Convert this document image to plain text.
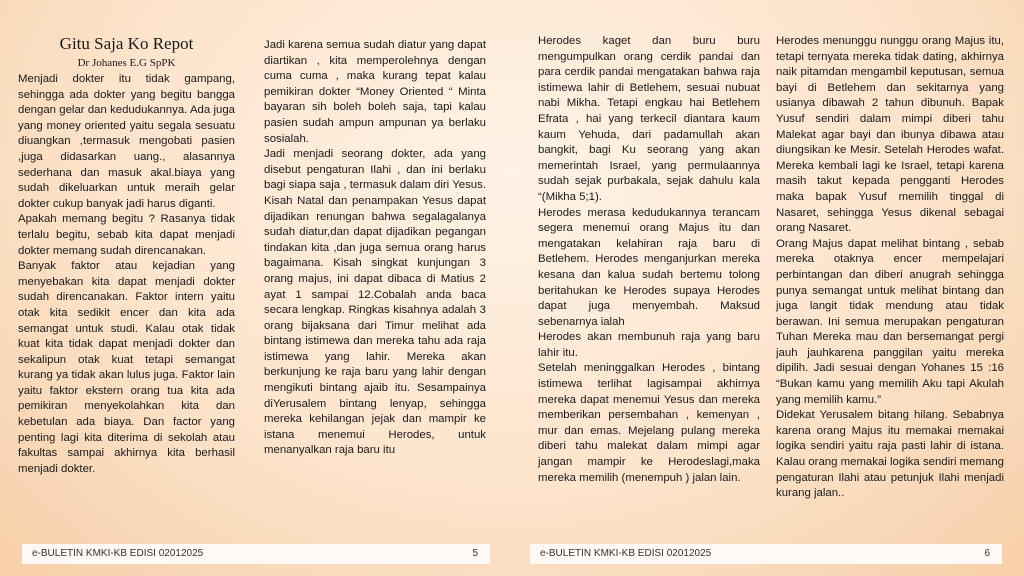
Gitu Saja Ko Repot
Dr Johanes E.G SpPK

Menjadi dokter itu tidak gampang, sehingga ada dokter yang begitu bangga dengan gelar dan kedudukannya. Ada juga yang money oriented yaitu segala sesuatu diuangkan ,termasuk mengobati pasien ,juga didasarkan uang., alasannya sederhana dan masuk akal.biaya yang sudah dikeluarkan untuk meraih gelar dokter cukup banyak jadi harus diganti.

Apakah memang begitu ? Rasanya tidak terlalu begitu, sebab kita dapat menjadi dokter memang sudah direncanakan.

Banyak faktor atau kejadian yang menyebakan kita dapat menjadi dokter sudah direncanakan. Faktor intern yaitu otak kita sedikit encer dan kita ada semangat untuk studi. Kalau otak tidak kuat kita tidak dapat menjadi dokter dan sekalipun otak kuat tetapi semangat kurang ya tidak akan lulus juga. Faktor lain yaitu faktor ekstern orang tua kita ada pemikiran menyekolahkan kita dan kebetulan ada biaya. Dan factor yang penting lagi kita diterima di sekolah atau fakultas sampai akhirnya kita berhasil menjadi dokter.

Jadi karena semua sudah diatur yang dapat diartikan , kita memperolehnya dengan cuma cuma , maka kurang tepat kalau pemikiran dokter “Money Oriented “ Minta bayaran sih boleh boleh saja, tapi kalau pasien sudah ampun ampunan ya berlaku sosialah.

Jadi menjadi seorang dokter, ada yang disebut pengaturan Ilahi , dan ini berlaku bagi siapa saja , termasuk dalam diri Yesus. Kisah Natal dan penampakan Yesus dapat dijadikan renungan bahwa segalagalanya sudah diatur,dan dapat dijadikan pegangan tindakan kita ,dan juga semua orang harus bagaimana. Kisah singkat kunjungan 3 orang majus, ini dapat dibaca di Matius 2 ayat 1 sampai 12.Cobalah anda baca secara lengkap. Ringkas kisahnya adalah 3 orang bijaksana dari Timur melihat ada bintang istimewa dan mereka tahu ada raja istimewa yang lahir. Mereka akan berkunjung ke raja baru yang lahir dengan mengikuti bintang ajaib itu. Sesampainya diYerusalem bintang lenyap, sehingga mereka kehilangan jejak dan mampir ke istana menemui Herodes, untuk menanyalkan raja baru itu

e-BULETIN KMKI-KB EDISI 02012025	5

Herodes kaget dan buru buru mengumpulkan orang cerdik pandai dan para cerdik pandai mengatakan bahwa raja istimewa lahir di Betlehem, sesuai nubuat nabi Mikha. Tetapi engkau hai Betlehem Efrata , hai yang terkecil diantara kaum kaum Yehuda, dari padamullah akan bangkit, bagi Ku seorang yang akan memerintah Israel, yang permulaannya sudah sejak purbakala, sejak dahulu kala “(Mikha 5;1).

Herodes merasa kedudukannya terancam segera menemui orang Majus itu dan mengatakan kelahiran raja baru di Betlehem. Herodes menganjurkan mereka kesana dan kalua sudah bertemu tolong beritahukan ke Herodes supaya Herodes dapat juga menyembah. Maksud sebenarnya ialah

Herodes akan membunuh raja yang baru lahir itu.

Setelah meninggalkan Herodes , bintang istimewa terlihat lagisampai akhirnya mereka dapat menemui Yesus dan mereka memberikan persembahan , kemenyan , mur dan emas. Mejelang pulang mereka diberi tahu malekat dalam mimpi agar jangan mampir ke Herodeslagi,maka mereka memilih (menempuh ) jalan lain.

Herodes menunggu nunggu orang Majus itu, tetapi ternyata mereka tidak dating, akhirnya naik pitamdan mengambil keputusan, semua bayi di Betlehem dan sekitarnya yang usianya dibawah 2 tahun dibunuh. Bapak Yusuf sendiri dalam mimpi diberi tahu Malekat agar bayi dan ibunya dibawa atau diungsikan ke Mesir. Setelah Herodes wafat. Mereka kembali lagi ke Israel, tetapi karena masih takut kepada pengganti Herodes maka bapak Yusuf memilih tinggal di Nasaret, sehingga Yesus dikenal sebagai orang Nasaret.

Orang Majus dapat melihat bintang , sebab mereka otaknya encer mempelajari perbintangan dan diberi anugrah sehingga punya semangat untuk melihat bintang dan juga langit tidak mendung atau tidak berawan. Ini semua merupakan pengaturan Tuhan Mereka mau dan bersemangat pergi jauh jauhkarena panggilan yaitu mereka dipilih. Jadi sesuai dengan Yohanes 15 :16 “Bukan kamu yang memilih Aku tapi Akulah yang memilih kamu.”

Didekat Yerusalem bitang hilang. Sebabnya karena orang Majus itu memakai memakai logika sendiri yaitu raja pasti lahir di istana. Kalau orang memakai logika sendiri memang pengaturan Ilahi atau petunjuk Ilahi menjadi kurang jalan..

e-BULETIN KMKI-KB EDISI 02012025	6
